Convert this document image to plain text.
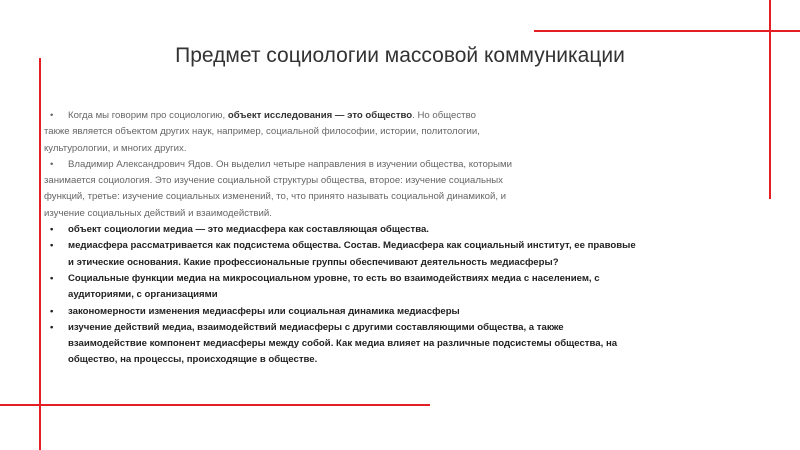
Предмет социологии массовой коммуникации
• Когда мы говорим про социологию, объект исследования — это общество. Но общество
также является объектом других наук, например, социальной философии, истории, политологии,
культурологии, и многих других.
• Владимир Александрович Ядов. Он выделил четыре направления в изучении общества, которыми
занимается социология. Это изучение социальной структуры общества, второе: изучение социальных
функций, третье: изучение социальных изменений, то, что принято называть социальной динамикой, и
изучение социальных действий и взаимодействий.
• объект социологии медиа — это медиасфера как составляющая общества.
• медиасфера рассматривается как подсистема общества. Состав. Медиасфера как социальный институт, ее правовые
и этические основания. Какие профессиональные группы обеспечивают деятельность медиасферы?
• Социальные функции медиа на микросоциальном уровне, то есть во взаимодействиях медиа с населением, с
аудиториями, с организациями
• закономерности изменения медиасферы или социальная динамика медиасферы
• изучение действий медиа, взаимодействий медиасферы с другими составляющими общества, а также
взаимодействие компонент медиасферы между собой. Как медиа влияет на различные подсистемы общества, на
общество, на процессы, происходящие в обществе.
